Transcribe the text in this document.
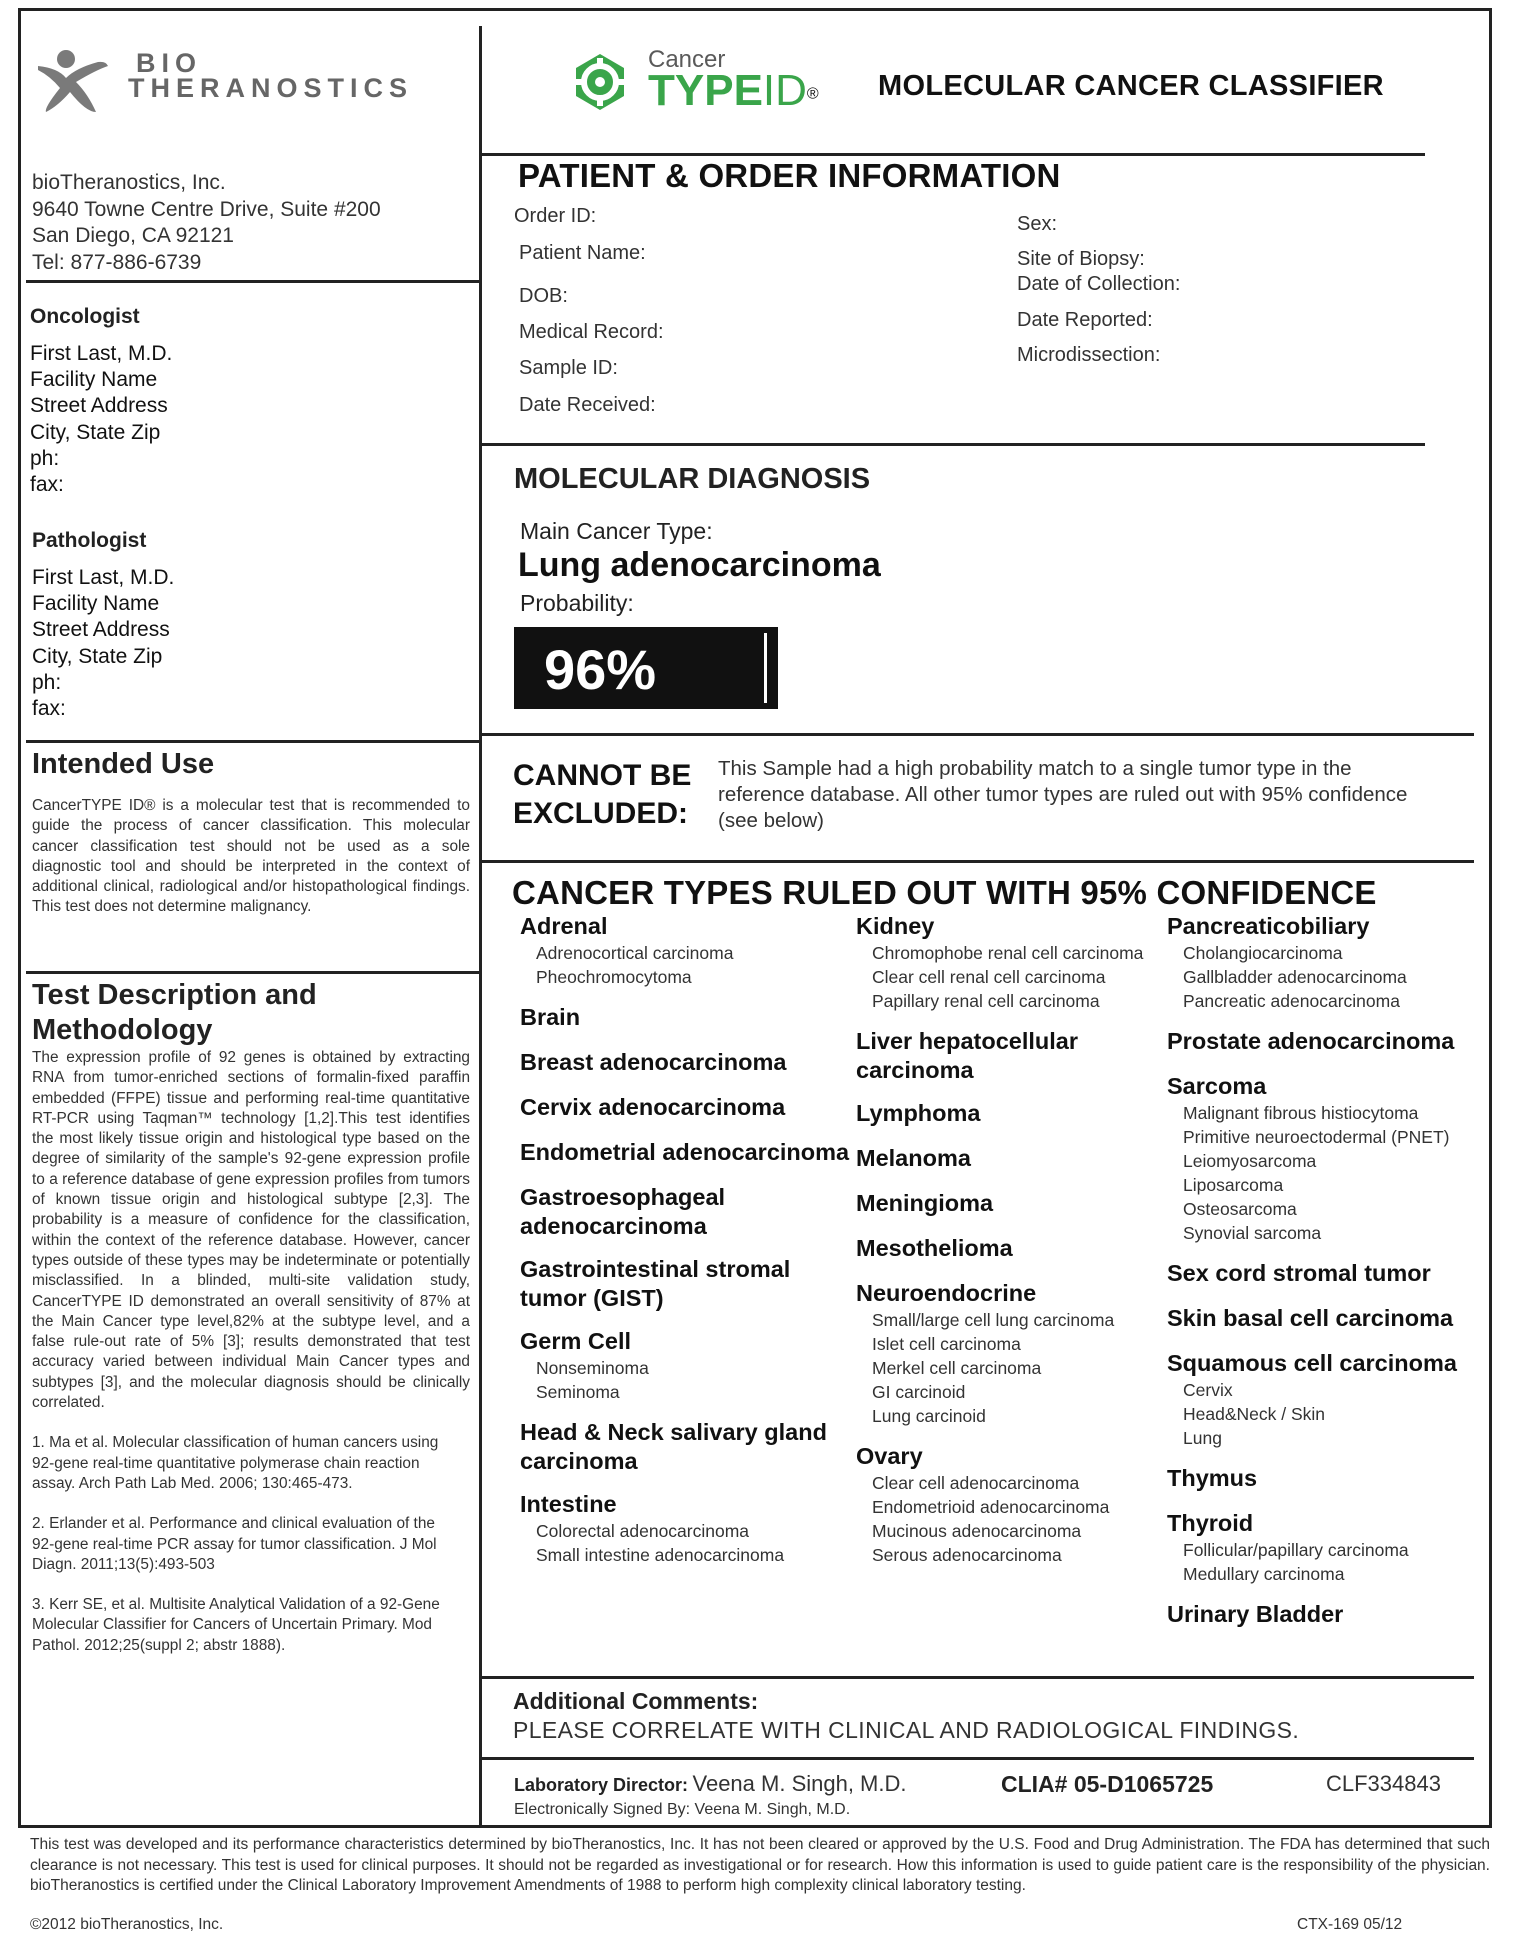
BIO
THERANOSTICS
Cancer
TYPEID® MOLECULAR CANCER CLASSIFIER
bioTheranostics, Inc.
9640 Towne Centre Drive, Suite #200
San Diego, CA 92121
Tel: 877-886-6739
Oncologist
First Last, M.D.
Facility Name
Street Address
City, State Zip
ph:
fax:
Pathologist
First Last, M.D.
Facility Name
Street Address
City, State Zip
ph:
fax:
Intended Use
CancerTYPE ID® is a molecular test that is recommended to guide the process of cancer classification. This molecular cancer classification test should not be used as a sole diagnostic tool and should be interpreted in the context of additional clinical, radiological and/or histopathological findings. This test does not determine malignancy.
Test Description and
Methodology
The expression profile of 92 genes is obtained by extracting RNA from tumor-enriched sections of formalin-fixed paraffin embedded (FFPE) tissue and performing real-time quantitative RT-PCR using Taqman™ technology [1,2].This test identifies the most likely tissue origin and histological type based on the degree of similarity of the sample's 92-gene expression profile to a reference database of gene expression profiles from tumors of known tissue origin and histological subtype [2,3]. The probability is a measure of confidence for the classification, within the context of the reference database. However, cancer types outside of these types may be indeterminate or potentially misclassified. In a blinded, multi-site validation study, CancerTYPE ID demonstrated an overall sensitivity of 87% at the Main Cancer type level,82% at the subtype level, and a false rule-out rate of 5% [3]; results demonstrated that test accuracy varied between individual Main Cancer types and subtypes [3], and the molecular diagnosis should be clinically correlated.
1. Ma et al. Molecular classification of human cancers using 92-gene real-time quantitative polymerase chain reaction assay. Arch Path Lab Med. 2006; 130:465-473.
2. Erlander et al. Performance and clinical evaluation of the 92-gene real-time PCR assay for tumor classification. J Mol Diagn. 2011;13(5):493-503
3. Kerr SE, et al. Multisite Analytical Validation of a 92-Gene Molecular Classifier for Cancers of Uncertain Primary. Mod Pathol. 2012;25(suppl 2; abstr 1888).
PATIENT & ORDER INFORMATION
Order ID:
Patient Name:
DOB:
Medical Record:
Sample ID:
Date Received:
Sex:
Site of Biopsy:
Date of Collection:
Date Reported:
Microdissection:
MOLECULAR DIAGNOSIS
Main Cancer Type:
Lung adenocarcinoma
Probability:
96%
CANNOT BE
EXCLUDED:
This Sample had a high probability match to a single tumor type in the reference database. All other tumor types are ruled out with 95% confidence (see below)
CANCER TYPES RULED OUT WITH 95% CONFIDENCE
Adrenal
Adrenocortical carcinoma
Pheochromocytoma
Brain
Breast adenocarcinoma
Cervix adenocarcinoma
Endometrial adenocarcinoma
Gastroesophageal adenocarcinoma
Gastrointestinal stromal tumor (GIST)
Germ Cell
Nonseminoma
Seminoma
Head & Neck salivary gland carcinoma
Intestine
Colorectal adenocarcinoma
Small intestine adenocarcinoma
Kidney
Chromophobe renal cell carcinoma
Clear cell renal cell carcinoma
Papillary renal cell carcinoma
Liver hepatocellular carcinoma
Lymphoma
Melanoma
Meningioma
Mesothelioma
Neuroendocrine
Small/large cell lung carcinoma
Islet cell carcinoma
Merkel cell carcinoma
GI carcinoid
Lung carcinoid
Ovary
Clear cell adenocarcinoma
Endometrioid adenocarcinoma
Mucinous adenocarcinoma
Serous adenocarcinoma
Pancreaticobiliary
Cholangiocarcinoma
Gallbladder adenocarcinoma
Pancreatic adenocarcinoma
Prostate adenocarcinoma
Sarcoma
Malignant fibrous histiocytoma
Primitive neuroectodermal (PNET)
Leiomyosarcoma
Liposarcoma
Osteosarcoma
Synovial sarcoma
Sex cord stromal tumor
Skin basal cell carcinoma
Squamous cell carcinoma
Cervix
Head&Neck / Skin
Lung
Thymus
Thyroid
Follicular/papillary carcinoma
Medullary carcinoma
Urinary Bladder
Additional Comments:
PLEASE CORRELATE WITH CLINICAL AND RADIOLOGICAL FINDINGS.
Laboratory Director: Veena M. Singh, M.D.	CLIA# 05-D1065725	CLF334843
Electronically Signed By: Veena M. Singh, M.D.
This test was developed and its performance characteristics determined by bioTheranostics, Inc. It has not been cleared or approved by the U.S. Food and Drug Administration. The FDA has determined that such clearance is not necessary. This test is used for clinical purposes. It should not be regarded as investigational or for research. How this information is used to guide patient care is the responsibility of the physician. bioTheranostics is certified under the Clinical Laboratory Improvement Amendments of 1988 to perform high complexity clinical laboratory testing.
©2012 bioTheranostics, Inc.	CTX-169 05/12
